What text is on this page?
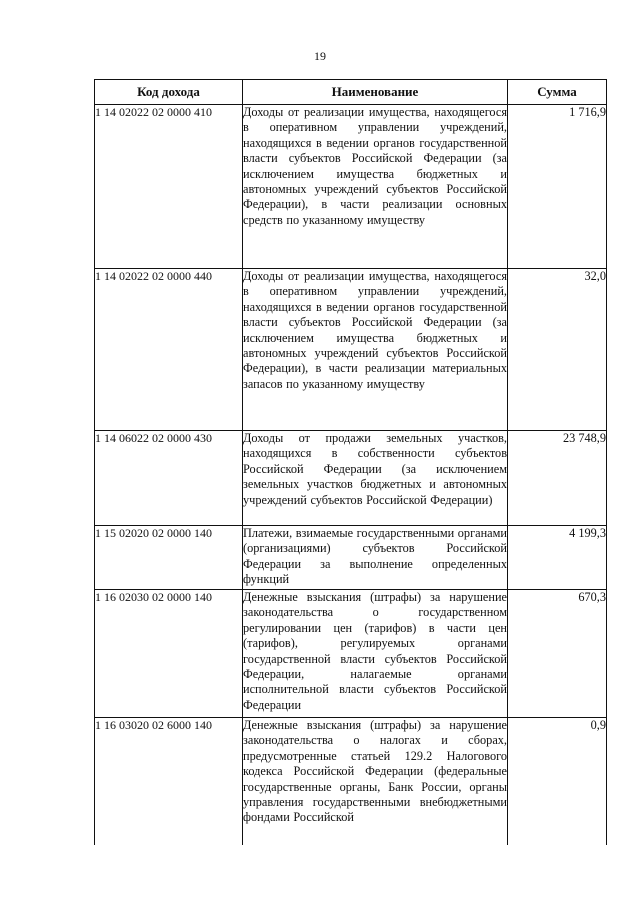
19
Код дохода	Наименование	Сумма
1 14 02022 02 0000 410	Доходы от реализации имущества, находящегося в оперативном управлении учреждений, находящихся в ведении органов государственной власти субъектов Российской Федерации (за исключением имущества бюджетных и автономных учреждений субъектов Российской Федерации), в части реализации основных средств по указанному имуществу	1 716,9
1 14 02022 02 0000 440	Доходы от реализации имущества, находящегося в оперативном управлении учреждений, находящихся в ведении органов государственной власти субъектов Российской Федерации (за исключением имущества бюджетных и автономных учреждений субъектов Российской Федерации), в части реализации материальных запасов по указанному имуществу	32,0
1 14 06022 02 0000 430	Доходы от продажи земельных участков, находящихся в собственности субъектов Российской Федерации (за исключением земельных участков бюджетных и автономных учреждений субъектов Российской Федерации)	23 748,9
1 15 02020 02 0000 140	Платежи, взимаемые государственными органами (организациями) субъектов Российской Федерации за выполнение определенных функций	4 199,3
1 16 02030 02 0000 140	Денежные взыскания (штрафы) за нарушение законодательства о государственном регулировании цен (тарифов) в части цен (тарифов), регулируемых органами государственной власти субъектов Российской Федерации, налагаемые органами исполнительной власти субъектов Российской Федерации	670,3
1 16 03020 02 6000 140	Денежные взыскания (штрафы) за нарушение законодательства о налогах и сборах, предусмотренные статьей 129.2 Налогового кодекса Российской Федерации (федеральные государственные органы, Банк России, органы управления государственными внебюджетными фондами Российской	0,9
